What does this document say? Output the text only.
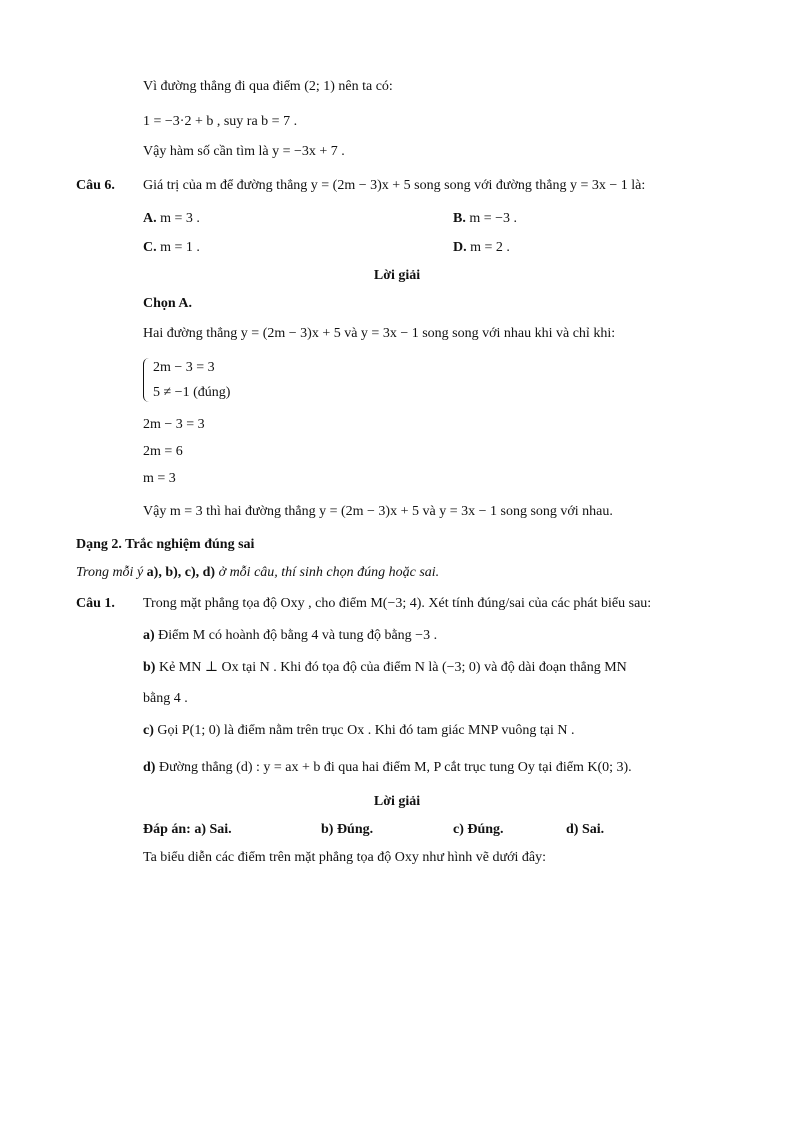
Vì đường thẳng đi qua điểm (2; 1) nên ta có:
1 = −3·2 + b , suy ra b = 7 .
Vậy hàm số cần tìm là y = −3x + 7 .
Câu 6. Giá trị của m để đường thẳng y = (2m − 3)x + 5 song song với đường thẳng y = 3x − 1 là:
A. m = 3 .	B. m = −3 .
C. m = 1 .	D. m = 2 .
Lời giải
Chọn A.
Hai đường thẳng y = (2m − 3)x + 5 và y = 3x − 1 song song với nhau khi và chỉ khi:
2m − 3 = 3
5 ≠ −1 (đúng)
2m − 3 = 3
2m = 6
m = 3
Vậy m = 3 thì hai đường thẳng y = (2m − 3)x + 5 và y = 3x − 1 song song với nhau.
Dạng 2. Trắc nghiệm đúng sai
Trong mỗi ý a), b), c), d) ở mỗi câu, thí sinh chọn đúng hoặc sai.
Câu 1. Trong mặt phẳng tọa độ Oxy , cho điểm M(−3; 4). Xét tính đúng/sai của các phát biểu sau:
a) Điểm M có hoành độ bằng 4 và tung độ bằng −3 .
b) Kẻ MN ⊥ Ox tại N . Khi đó tọa độ của điểm N là (−3; 0) và độ dài đoạn thẳng MN
bằng 4 .
c) Gọi P(1; 0) là điểm nằm trên trục Ox . Khi đó tam giác MNP vuông tại N .
d) Đường thẳng (d) : y = ax + b đi qua hai điểm M, P cắt trục tung Oy tại điểm K(0; 3).
Lời giải
Đáp án: a) Sai.	b) Đúng.	c) Đúng.	d) Sai.
Ta biểu diễn các điểm trên mặt phẳng tọa độ Oxy như hình vẽ dưới đây:
